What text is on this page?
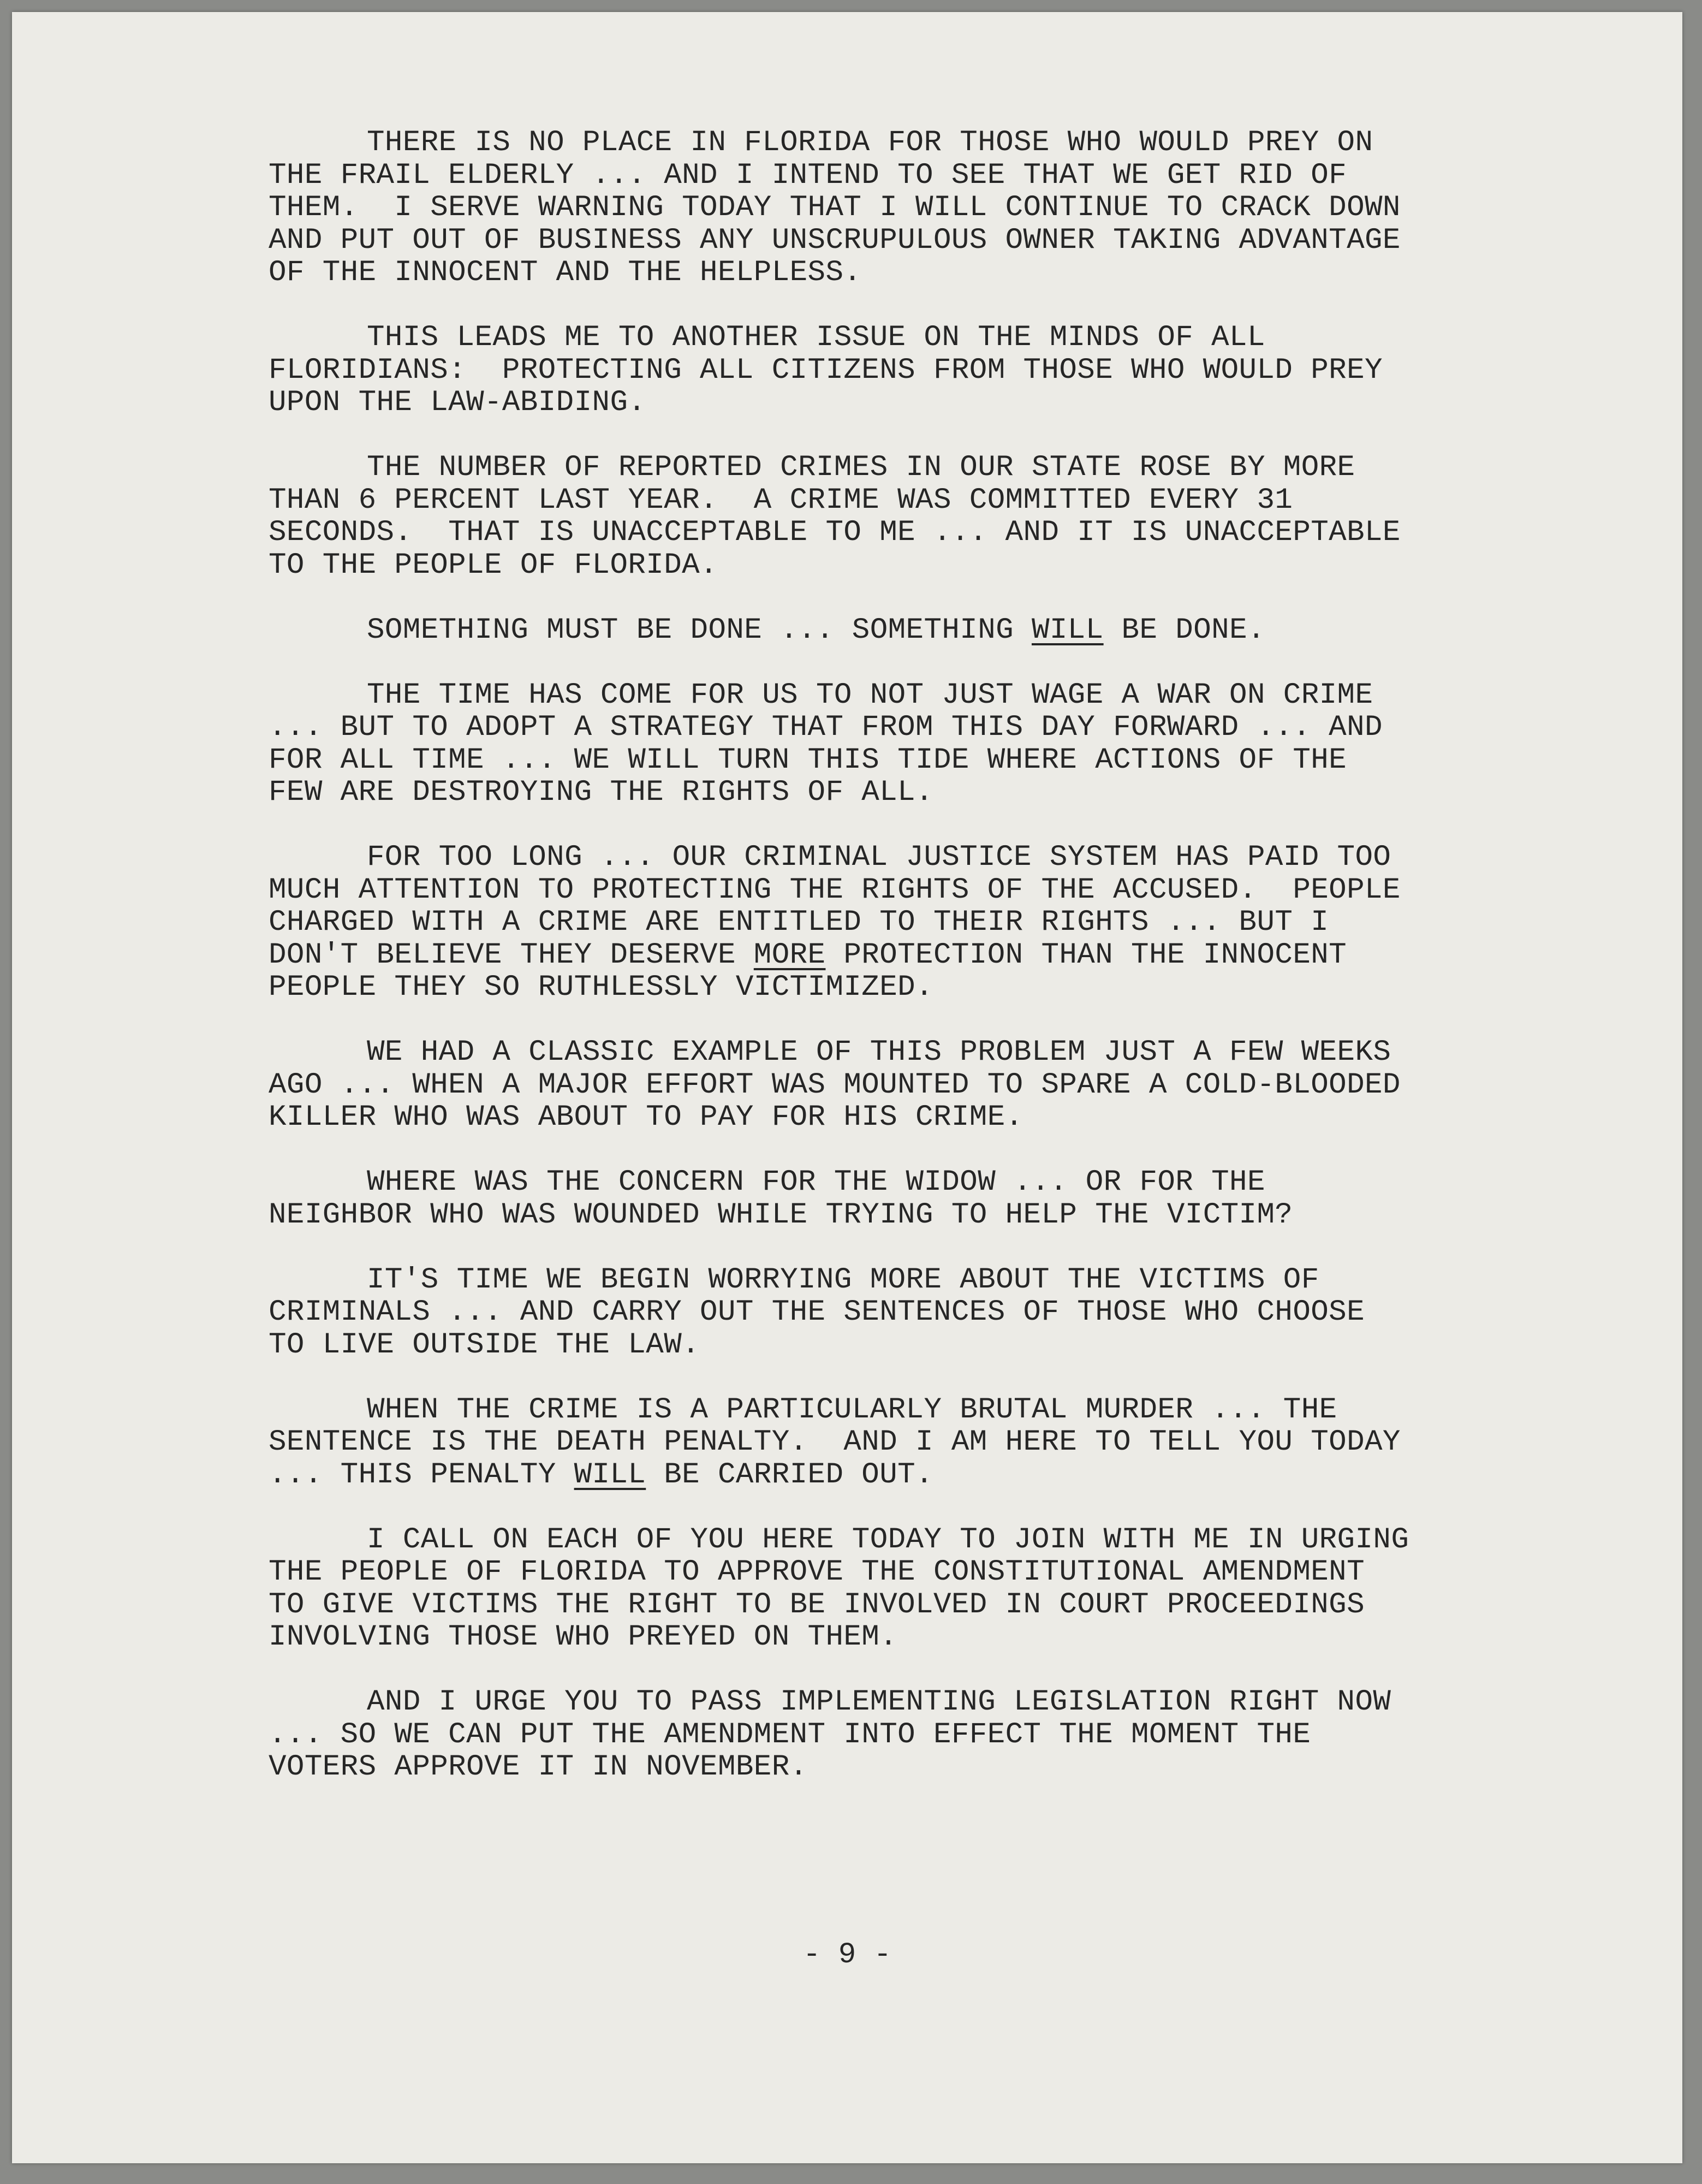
THERE IS NO PLACE IN FLORIDA FOR THOSE WHO WOULD PREY ON
THE FRAIL ELDERLY ... AND I INTEND TO SEE THAT WE GET RID OF
THEM.  I SERVE WARNING TODAY THAT I WILL CONTINUE TO CRACK DOWN
AND PUT OUT OF BUSINESS ANY UNSCRUPULOUS OWNER TAKING ADVANTAGE
OF THE INNOCENT AND THE HELPLESS.
THIS LEADS ME TO ANOTHER ISSUE ON THE MINDS OF ALL
FLORIDIANS:  PROTECTING ALL CITIZENS FROM THOSE WHO WOULD PREY
UPON THE LAW-ABIDING.
THE NUMBER OF REPORTED CRIMES IN OUR STATE ROSE BY MORE
THAN 6 PERCENT LAST YEAR.  A CRIME WAS COMMITTED EVERY 31
SECONDS.  THAT IS UNACCEPTABLE TO ME ... AND IT IS UNACCEPTABLE
TO THE PEOPLE OF FLORIDA.
SOMETHING MUST BE DONE ... SOMETHING WILL BE DONE.
THE TIME HAS COME FOR US TO NOT JUST WAGE A WAR ON CRIME
... BUT TO ADOPT A STRATEGY THAT FROM THIS DAY FORWARD ... AND
FOR ALL TIME ... WE WILL TURN THIS TIDE WHERE ACTIONS OF THE
FEW ARE DESTROYING THE RIGHTS OF ALL.
FOR TOO LONG ... OUR CRIMINAL JUSTICE SYSTEM HAS PAID TOO
MUCH ATTENTION TO PROTECTING THE RIGHTS OF THE ACCUSED.  PEOPLE
CHARGED WITH A CRIME ARE ENTITLED TO THEIR RIGHTS ... BUT I
DON'T BELIEVE THEY DESERVE MORE PROTECTION THAN THE INNOCENT
PEOPLE THEY SO RUTHLESSLY VICTIMIZED.
WE HAD A CLASSIC EXAMPLE OF THIS PROBLEM JUST A FEW WEEKS
AGO ... WHEN A MAJOR EFFORT WAS MOUNTED TO SPARE A COLD-BLOODED
KILLER WHO WAS ABOUT TO PAY FOR HIS CRIME.
WHERE WAS THE CONCERN FOR THE WIDOW ... OR FOR THE
NEIGHBOR WHO WAS WOUNDED WHILE TRYING TO HELP THE VICTIM?
IT'S TIME WE BEGIN WORRYING MORE ABOUT THE VICTIMS OF
CRIMINALS ... AND CARRY OUT THE SENTENCES OF THOSE WHO CHOOSE
TO LIVE OUTSIDE THE LAW.
WHEN THE CRIME IS A PARTICULARLY BRUTAL MURDER ... THE
SENTENCE IS THE DEATH PENALTY.  AND I AM HERE TO TELL YOU TODAY
... THIS PENALTY WILL BE CARRIED OUT.
I CALL ON EACH OF YOU HERE TODAY TO JOIN WITH ME IN URGING
THE PEOPLE OF FLORIDA TO APPROVE THE CONSTITUTIONAL AMENDMENT
TO GIVE VICTIMS THE RIGHT TO BE INVOLVED IN COURT PROCEEDINGS
INVOLVING THOSE WHO PREYED ON THEM.
AND I URGE YOU TO PASS IMPLEMENTING LEGISLATION RIGHT NOW
... SO WE CAN PUT THE AMENDMENT INTO EFFECT THE MOMENT THE
VOTERS APPROVE IT IN NOVEMBER.
- 9 -
